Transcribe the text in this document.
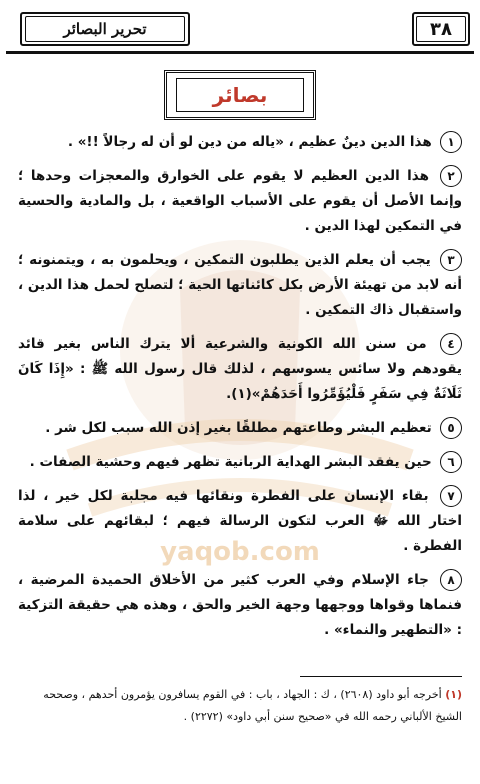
تحرير البصائر	٣٨
بصائر
yaqob.com
١ هذا الدين دينٌ عظيم ، «ياله من دين لو أن له رجالاً !!» .
٢ هذا الدين العظيم لا يقوم على الخوارق والمعجزات وحدها ؛ وإنما الأصل أن يقوم على الأسباب الواقعية ، بل والمادية والحسية في التمكين لهذا الدين .
٣ يجب أن يعلم الذين يطلبون التمكين ، ويحلمون به ، ويتمنونه ؛ أنه لابد من تهيئة الأرض بكل كائناتها الحية ؛ لتصلح لحمل هذا الدين ، واستقبال ذاك التمكين .
٤ من سنن الله الكونية والشرعية ألا يترك الناس بغير قائد يقودهم ولا سائس يسوسهم ، لذلك قال رسول الله ﷺ : «إِذَا كَانَ ثَلَاثَةٌ فِي سَفَرٍ فَلْيُؤَمِّرُوا أَحَدَهُمْ»(١).
٥ تعظيم البشر وطاعتهم مطلقًا بغير إذن الله سبب لكل شر .
٦ حين يفقد البشر الهداية الربانية تظهر فيهم وحشية الصفات .
٧ بقاء الإنسان على الفطرة ونقائها فيه مجلبة لكل خير ، لذا اختار الله ﷻ العرب لتكون الرسالة فيهم ؛ لبقائهم على سلامة الفطرة .
٨ جاء الإسلام وفي العرب كثير من الأخلاق الحميدة المرضية ، فنماها وقواها ووجهها وجهة الخير والحق ، وهذه هي حقيقة التزكية : «التطهير والنماء» .
(١) أخرجه أبو داود (٢٦٠٨) ، ك : الجهاد ، باب : في القوم يسافرون يؤمرون أحدهم ، وصححه الشيخ الألباني رحمه الله في «صحيح سنن أبي داود» (٢٢٧٢) .
